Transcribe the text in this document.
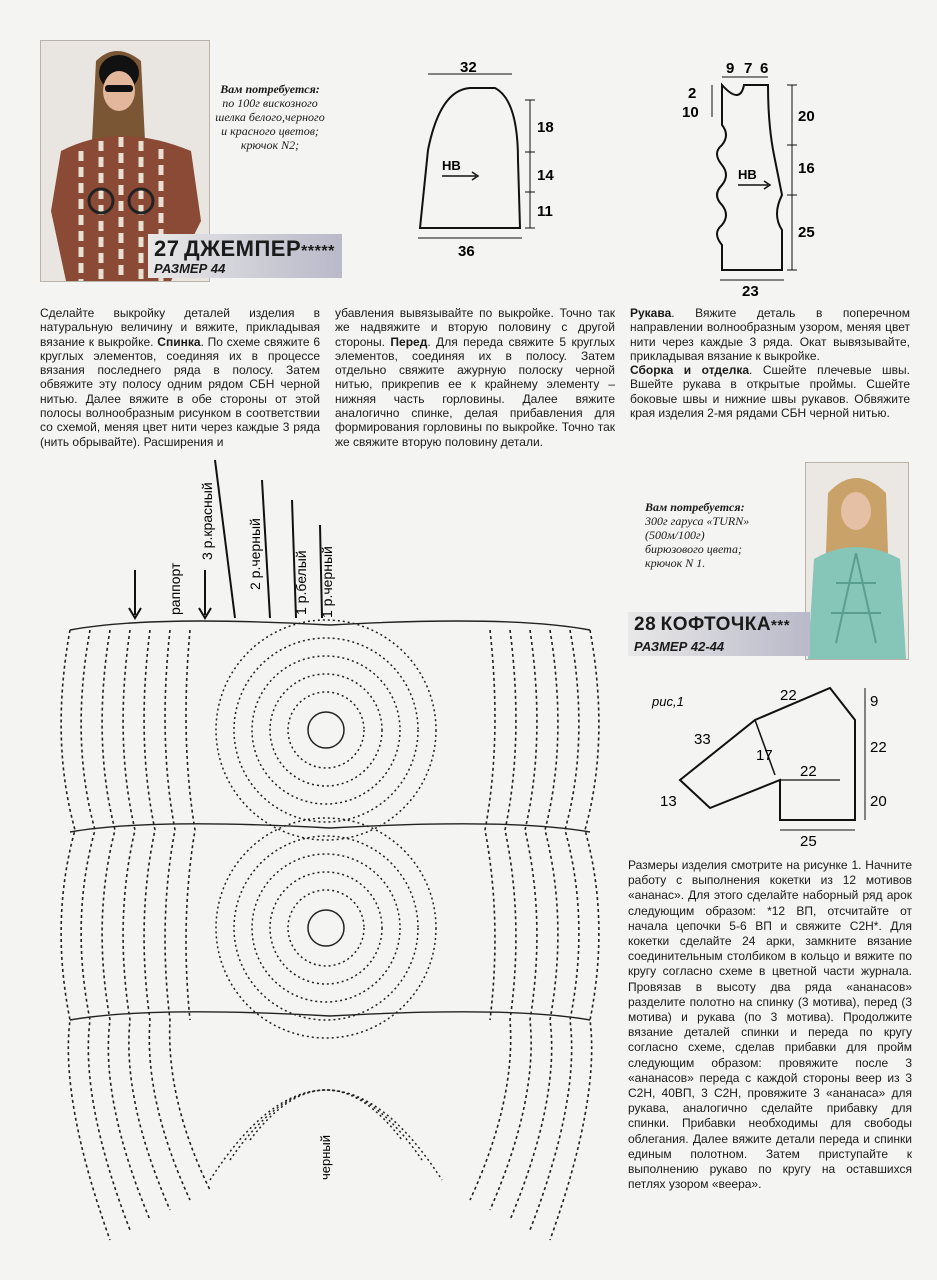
Вам потребуется:
по 100г вискозного
шелка белого,черного
и красного цветов;
крючок N2;
27 ДЖЕМПЕР*****
РАЗМЕР 44
32
36
18
14
11
НВ
9 7 6
2
10	20
16
25
23
НВ
Сделайте выкройку деталей изделия в натуральную величину и вяжите, прикладывая вязание к выкройке. Спинка. По схеме свяжите 6 круглых элементов, соединяя их в процессе вязания последнего ряда в полосу. Затем обвяжите эту полосу одним рядом СБН черной нитью. Далее вяжите в обе стороны от этой полосы волнообразным рисунком в соответствии со схемой, меняя цвет нити через каждые 3 ряда (нить обрывайте). Расширения и
убавления вывязывайте по выкройке. Точно так же надвяжите и вторую половину с другой стороны. Перед. Для переда свяжите 5 круглых элементов, соединяя их в полосу. Затем отдельно свяжите ажурную полоску черной нитью, прикрепив ее к крайнему элементу – нижняя часть горловины. Далее вяжите аналогично спинке, делая прибавления для формирования горловины по выкройке. Точно так же свяжите вторую половину детали.
Рукава. Вяжите деталь в поперечном направлении волнообразным узором, меняя цвет нити через каждые 3 ряда. Окат вывязывайте, прикладывая вязание к выкройке.
Сборка и отделка. Сшейте плечевые швы. Вшейте рукава в открытые проймы. Сшейте боковые швы и нижние швы рукавов. Обвяжите края изделия 2-мя рядами СБН черной нитью.
раппорт
3 р.красный 2 р.черный 1 р.белый 1 р.черный
черный
Вам потребуется:
300г гаруса «TURN»
(500м/100г)
бирюзового цвета;
крючок N 1.
28 КОФТОЧКА***
РАЗМЕР 42-44
рис,1	22	9
22
20
33
17
22
13
25
Размеры изделия смотрите на рисунке 1. Начните работу с выполнения кокетки из 12 мотивов «ананас». Для этого сделайте наборный ряд арок следующим образом: *12 ВП, отсчитайте от начала цепочки 5-6 ВП и свяжите С2Н*. Для кокетки сделайте 24 арки, замкните вязание соединительным столбиком в кольцо и вяжите по кругу согласно схеме в цветной части журнала. Провязав в высоту два ряда «ананасов» разделите полотно на спинку (3 мотива), перед (3 мотива) и рукава (по 3 мотива). Продолжите вязание деталей спинки и переда по кругу согласно схеме, сделав прибавки для пройм следующим образом: провяжите после 3 «ананасов» переда с каждой стороны веер из 3 С2Н, 40ВП, 3 С2Н, провяжите 3 «ананаса» для рукава, аналогично сделайте прибавку для спинки. Прибавки необходимы для свободы облегания. Далее вяжите детали переда и спинки единым полотном. Затем приступайте к выполнению рукаво по кругу на оставшихся петлях узором «веера».
